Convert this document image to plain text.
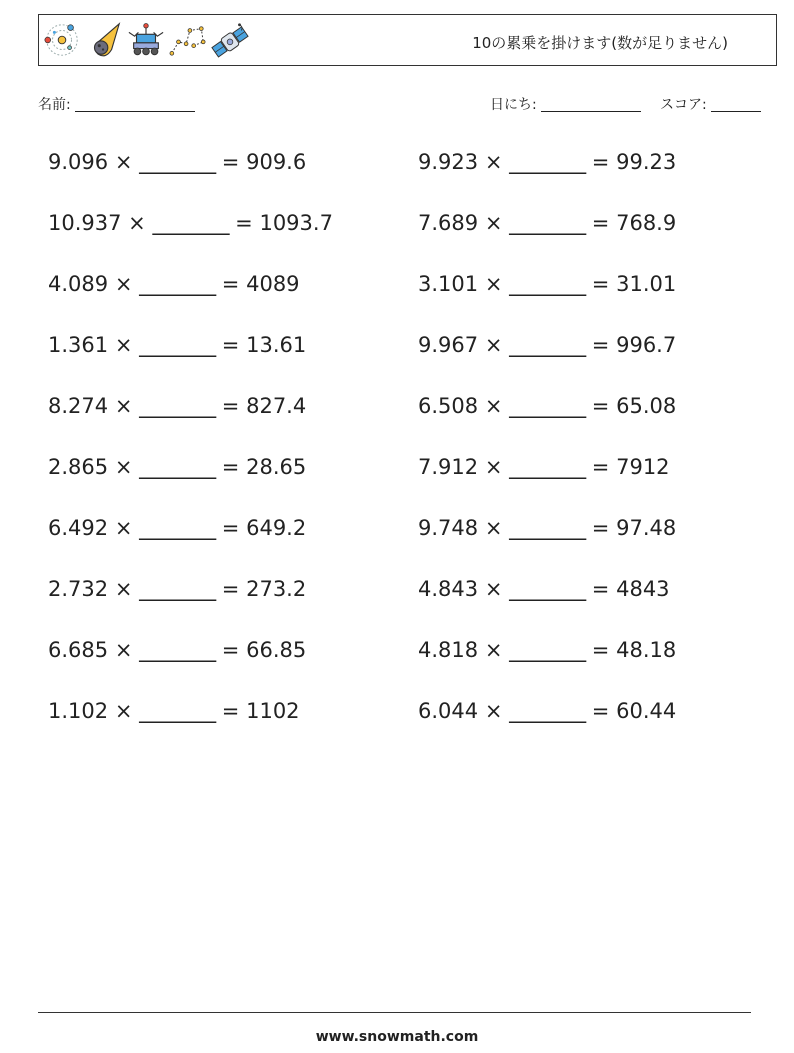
10の累乗を掛けます(数が足りません)
名前:	日にち:	スコア:
9.096 × ________ = 909.6
10.937 × ________ = 1093.7
4.089 × ________ = 4089
1.361 × ________ = 13.61
8.274 × ________ = 827.4
2.865 × ________ = 28.65
6.492 × ________ = 649.2
2.732 × ________ = 273.2
6.685 × ________ = 66.85
1.102 × ________ = 1102
9.923 × ________ = 99.23
7.689 × ________ = 768.9
3.101 × ________ = 31.01
9.967 × ________ = 996.7
6.508 × ________ = 65.08
7.912 × ________ = 7912
9.748 × ________ = 97.48
4.843 × ________ = 4843
4.818 × ________ = 48.18
6.044 × ________ = 60.44
www.snowmath.com
